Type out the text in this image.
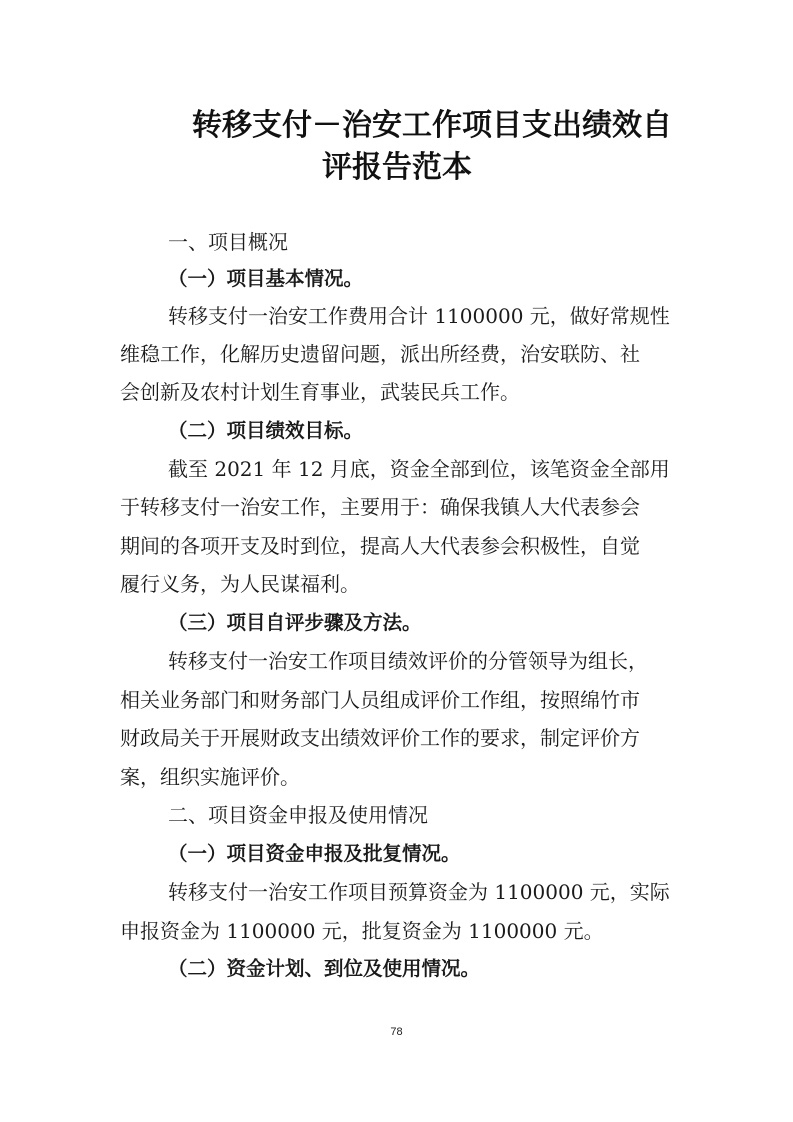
转移支付－治安工作项目支出绩效自
评报告范本
一、项目概况
（一）项目基本情况。
转移支付一治安工作费用合计 1100000 元，做好常规性
维稳工作，化解历史遗留问题，派出所经费，治安联防、社
会创新及农村计划生育事业，武装民兵工作。
（二）项目绩效目标。
截至 2021 年 12 月底，资金全部到位，该笔资金全部用
于转移支付一治安工作，主要用于：确保我镇人大代表参会
期间的各项开支及时到位，提高人大代表参会积极性，自觉
履行义务，为人民谋福利。
（三）项目自评步骤及方法。
转移支付一治安工作项目绩效评价的分管领导为组长，
相关业务部门和财务部门人员组成评价工作组，按照绵竹市
财政局关于开展财政支出绩效评价工作的要求，制定评价方
案，组织实施评价。
二、项目资金申报及使用情况
（一）项目资金申报及批复情况。
转移支付一治安工作项目预算资金为 1100000 元，实际
申报资金为 1100000 元，批复资金为 1100000 元。
（二）资金计划、到位及使用情况。
78
